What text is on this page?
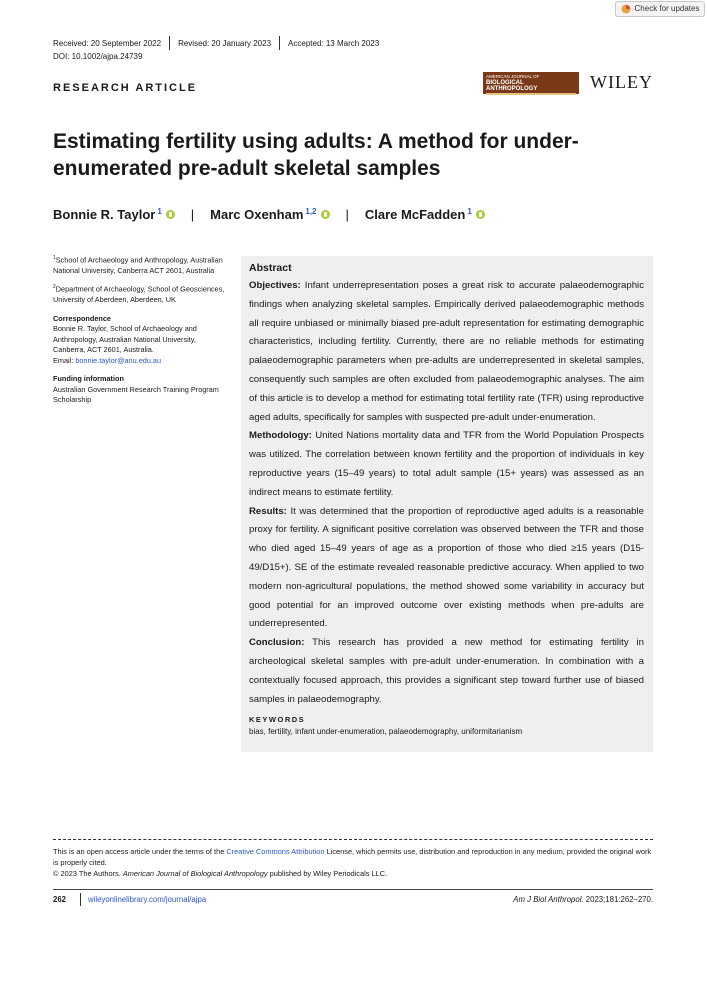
Check for updates
Received: 20 September 2022	Revised: 20 January 2023	Accepted: 13 March 2023
DOI: 10.1002/ajpa.24739
RESEARCH ARTICLE
AMERICAN JOURNAL OF
BIOLOGICAL ANTHROPOLOGY	WILEY
Estimating fertility using adults: A method for under-enumerated pre-adult skeletal samples
Bonnie R. Taylor $^1$ | Marc Oxenham $^{1,2}$ | Clare McFadden $^1$

$^1$School of Archaeology and Anthropology, Australian National University, Canberra ACT 2601, Australia

$^2$Department of Archaeology, School of Geosciences, University of Aberdeen, Aberdeen, UK

Correspondence

Bonnie R. Taylor, School of Archaeology and Anthropology, Australian National University, Canberra, ACT 2601, Australia.
Email: bonnie.taylor@anu.edu.au

Funding information

Australian Government Research Training Program Scholarship

Abstract

Objectives: Infant underrepresentation poses a great risk to accurate palaeodemographic findings when analyzing skeletal samples. Empirically derived palaeodemographic methods all require unbiased or minimally biased pre-adult representation for estimating demographic characteristics, including fertility. Currently, there are no reliable methods for estimating palaeodemographic parameters when pre-adults are underrepresented in skeletal samples, consequently such samples are often excluded from palaeodemographic analyses. The aim of this article is to develop a method for estimating total fertility rate (TFR) using reproductive aged adults, specifically for samples with suspected pre-adult under-enumeration.

Methodology: United Nations mortality data and TFR from the World Population Prospects was utilized. The correlation between known fertility and the proportion of individuals in key reproductive years (15–49 years) to total adult sample (15+ years) was assessed as an indirect means to estimate fertility.

Results: It was determined that the proportion of reproductive aged adults is a reasonable proxy for fertility. A significant positive correlation was observed between the TFR and those who died aged 15–49 years of age as a proportion of those who died ≥15 years (D15-49/D15+). SE of the estimate revealed reasonable predictive accuracy. When applied to two modern non-agricultural populations, the method showed some variability in accuracy but good potential for an improved outcome over existing methods when pre-adults are underrepresented.

Conclusion: This research has provided a new method for estimating fertility in archeological skeletal samples with pre-adult under-enumeration. In combination with a contextually focused approach, this provides a significant step toward further use of biased samples in palaeodemography.

KEYWORDS
bias, fertility, infant under-enumeration, palaeodemography, uniformitarianism
This is an open access article under the terms of the Creative Commons Attribution License, which permits use, distribution and reproduction in any medium, provided the original work is properly cited.
© 2023 The Authors. American Journal of Biological Anthropology published by Wiley Periodicals LLC.
262	wileyonlinelibrary.com/journal/ajpa	Am J Biol Anthropol. 2023;181:262–270.
